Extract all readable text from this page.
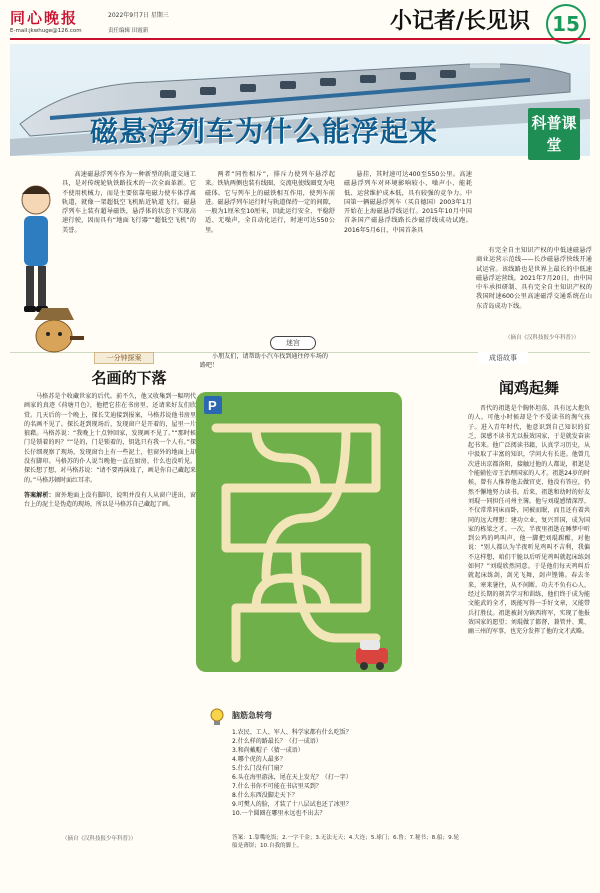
同心晚报	2022年9月7日 星期三
E-mail:jkwhuge@126.com	责任编辑 田霞新	小记者/长见识	15
磁悬浮列车为什么能浮起来	科普课堂
高速磁悬浮列车作为一种新型的轨道交通工具，是对传统轮轨铁路技术的一次全面革新。它不使用机械力，而是主要依靠电磁力使车体浮离轨道，就像一架超低空飞机贴近轨道飞行。磁悬浮列车上装有超导磁铁，悬浮体的状态下实现高速行驶，因而具有“地面飞行器”“超低空飞机”的美誉。
两者“同性相斥”，排斥力使列车悬浮起来。铁轨两侧也装有线圈，交流电使线圈变为电磁体。它与列车上的磁铁相互作用，使列车前进。磁悬浮列车运行时与轨道保持一定的间隙，一般为1厘米至10厘米，因此运行安全、平稳舒适、无噪声，全自动化运行，时速可达550公里。
悬挂，其时速可达400至550公里。高速磁悬浮列车对环境影响较小，噪声小、能耗低、运营维护成本低，具有较强的竞争力。中国第一辆磁悬浮列车（买自德国）2003年1月开始在上海磁悬浮线运行。2015年10月中国首条国产磁悬浮线路长沙磁浮线成功试跑。2016年5月6日，中国首条具
有完全自主知识产权的中低速磁悬浮商业运营示范线——长沙磁悬浮快线开通试运营。该线路也是世界上最长的中低速磁悬浮运营线。2021年7月20日，由中国中车承担研制、具有完全自主知识产权的我国时速600公里高速磁浮交通系统在山东青岛成功下线。
（摘自《汉科技报少年科普》）
一分钟探案
名画的下落
马格苏是个收藏世家的后代。前不久，他又收集到一幅明代画家的真迹《荷塘月色》，他把它挂在书房里，还请来好友们欣赏。几天后的一个晚上，探长艾迪接到报案，马格苏说他书房里的名画不见了。探长赶到现场后，发现窗户是开着的，屋里一片狼藉。马格苏说：“我晚上十点钟回家，发现画不见了。”“那时候门是锁着的吗？”“是的，门是锁着的，钥匙只有我一个人有。”探长仔细观察了现场，发现窗台上有一些泥土，但窗外的地面上却没有脚印。马格苏的仆人说当晚他一直在厨房，什么也没听见。探长想了想，对马格苏说：“请不要再演戏了，画是你自己藏起来的。”马格苏顿时面红耳赤。
答案解析：窗外地面上没有脚印，说明并没有人从窗户进出，窗台上的泥土是伪造的现场，所以是马格苏自己藏起了画。
（摘自《汉科技报少年科普》）
迷宫
小朋友们，请帮助小汽车找到通往停车场的路吧！
P
成语故事
闻鸡起舞
晋代的祖逖是个胸怀坦荡、具有远大抱负的人。可他小时候却是个不爱读书的淘气孩子。进入青年时代，他意识到自己知识的贫乏，深感不读书无以报效国家，于是就发奋读起书来。他广泛阅读书籍，认真学习历史，从中汲取了丰富的知识，学问大有长进。他曾几次进出京都洛阳，接触过他的人都说，祖逖是个能辅佐帝王治理国家的人才。祖逖24岁的时候，曾有人推荐他去做官吏，他没有答应，仍然不懈地努力读书。后来，祖逖和幼时的好友刘琨一同担任司州主簿。他与刘琨感情深厚，不仅常常同床而卧，同被而眠，而且还有着共同的远大理想：建功立业，复兴晋国，成为国家的栋梁之才。一次，半夜里祖逖在睡梦中听到公鸡的鸣叫声，他一脚把刘琨踢醒，对他说：“别人都认为半夜听见鸡叫不吉利，我偏不这样想，咱们干脆以后听见鸡叫就起床练剑如何？”刘琨欣然同意。于是他们每天鸡叫后就起床练剑，剑光飞舞，剑声铿锵。春去冬来，寒来暑往，从不间断。功夫不负有心人，经过长期的刻苦学习和训练，他们终于成为能文能武的全才，既能写得一手好文章，又能带兵打胜仗。祖逖被封为镇西将军，实现了他报效国家的愿望；刘琨做了都督，兼管并、冀、幽三州的军事，也充分发挥了他的文才武略。
脑筋急转弯
1.农民、工人、军人、科学家都有什么吃饭？
2.什么样的路最长？（打一成语）
3.和尚戴帽子（猜一成语）
4.哪个虎的人最多？
5.什么门没有门扇？
6.头在海里游泳，尾在天上发光？（打一字）
7.什么书你不可能在书店里买到？
8.什么东西没脚走天下？
9.可樊人的脸，才装了十八层试也还了冰里？
10.一个圆圈在哪里永远也不出去？
答案：1.靠嘴吃饭；2.一字千金；3.无法无天；4.大连；5.球门；6.鲁；7.秘书；8.船；9.轮船是薄饼；10.自我的脚上。
